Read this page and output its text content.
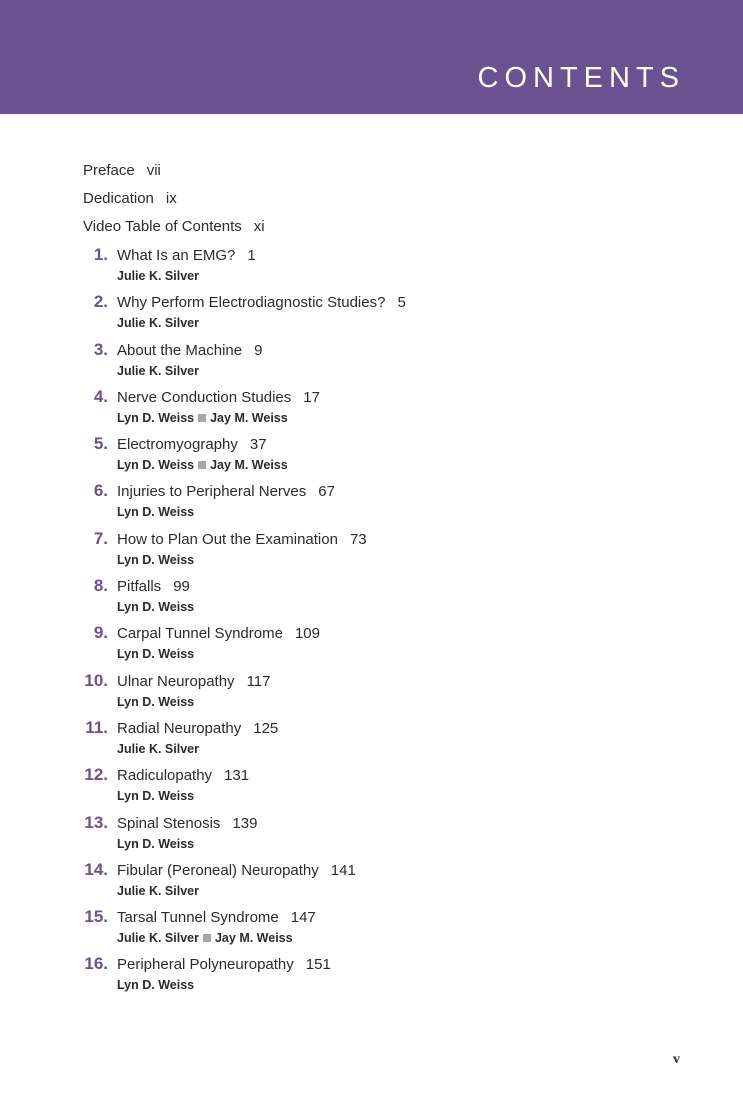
CONTENTS
Preface vii
Dedication ix
Video Table of Contents xi
1. What Is an EMG? 1
Julie K. Silver
2. Why Perform Electrodiagnostic Studies? 5
Julie K. Silver
3. About the Machine 9
Julie K. Silver
4. Nerve Conduction Studies 17
Lyn D. Weiss Jay M. Weiss
5. Electromyography 37
Lyn D. Weiss Jay M. Weiss
6. Injuries to Peripheral Nerves 67
Lyn D. Weiss
7. How to Plan Out the Examination 73
Lyn D. Weiss
8. Pitfalls 99
Lyn D. Weiss
9. Carpal Tunnel Syndrome 109
Lyn D. Weiss
10. Ulnar Neuropathy 117
Lyn D. Weiss
11. Radial Neuropathy 125
Julie K. Silver
12. Radiculopathy 131
Lyn D. Weiss
13. Spinal Stenosis 139
Lyn D. Weiss
14. Fibular (Peroneal) Neuropathy 141
Julie K. Silver
15. Tarsal Tunnel Syndrome 147
Julie K. Silver Jay M. Weiss
16. Peripheral Polyneuropathy 151
Lyn D. Weiss
v
